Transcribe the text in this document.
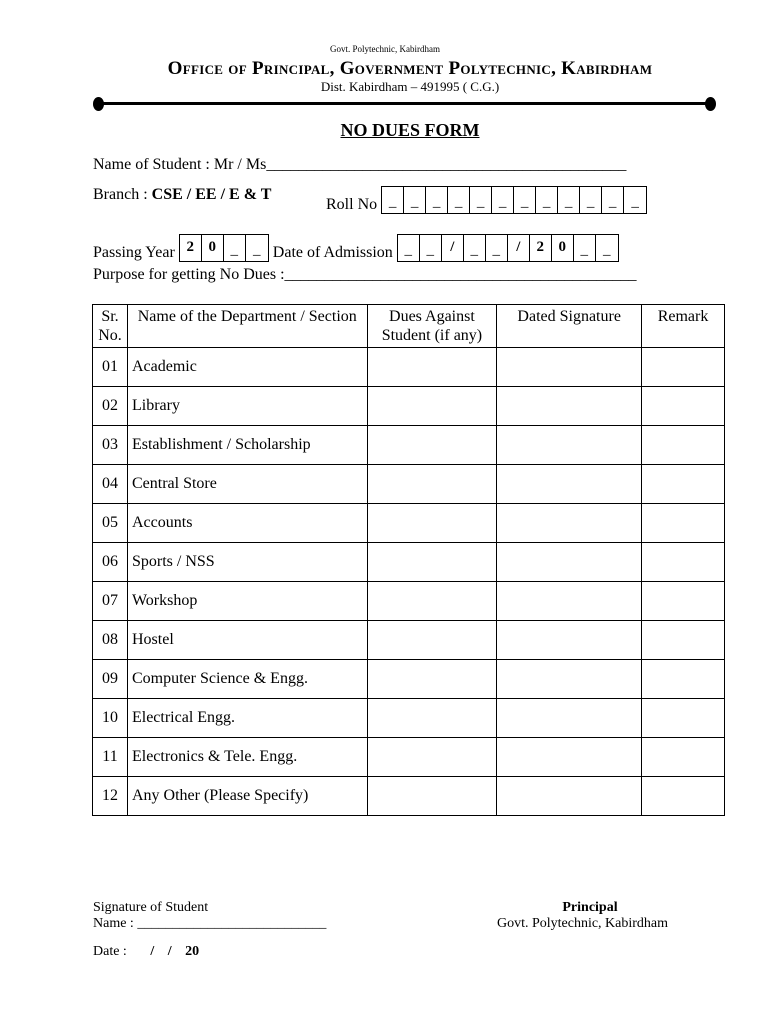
Govt. Polytechnic, Kabirdham
Office of Principal, Government Polytechnic, Kabirdham
Dist. Kabirdham – 491995 ( C.G.)
NO DUES FORM
Name of Student : Mr / Ms_____________________________________________
Branch : CSE / EE / E & T
Roll No _ _ _ _ _ _ _ _ _ _ _	_
Passing Year 2 0 _	_ Date of Admission _ _	/	_ _	/	2 0 _	_
Purpose for getting No Dues :____________________________________________
Sr. No.	Name of the Department / Section	Dues Against Student (if any)	Dated Signature	Remark
01	Academic			
02	Library			
03	Establishment / Scholarship			
04	Central Store			
05	Accounts			
06	Sports / NSS			
07	Workshop			
08	Hostel			
09	Computer Science & Engg.			
10	Electrical Engg.			
11	Electronics & Tele. Engg.			
12	Any Other (Please Specify)			
Signature of Student
Name : ___________________________
Date : / / 20
Principal
Govt. Polytechnic, Kabirdham
